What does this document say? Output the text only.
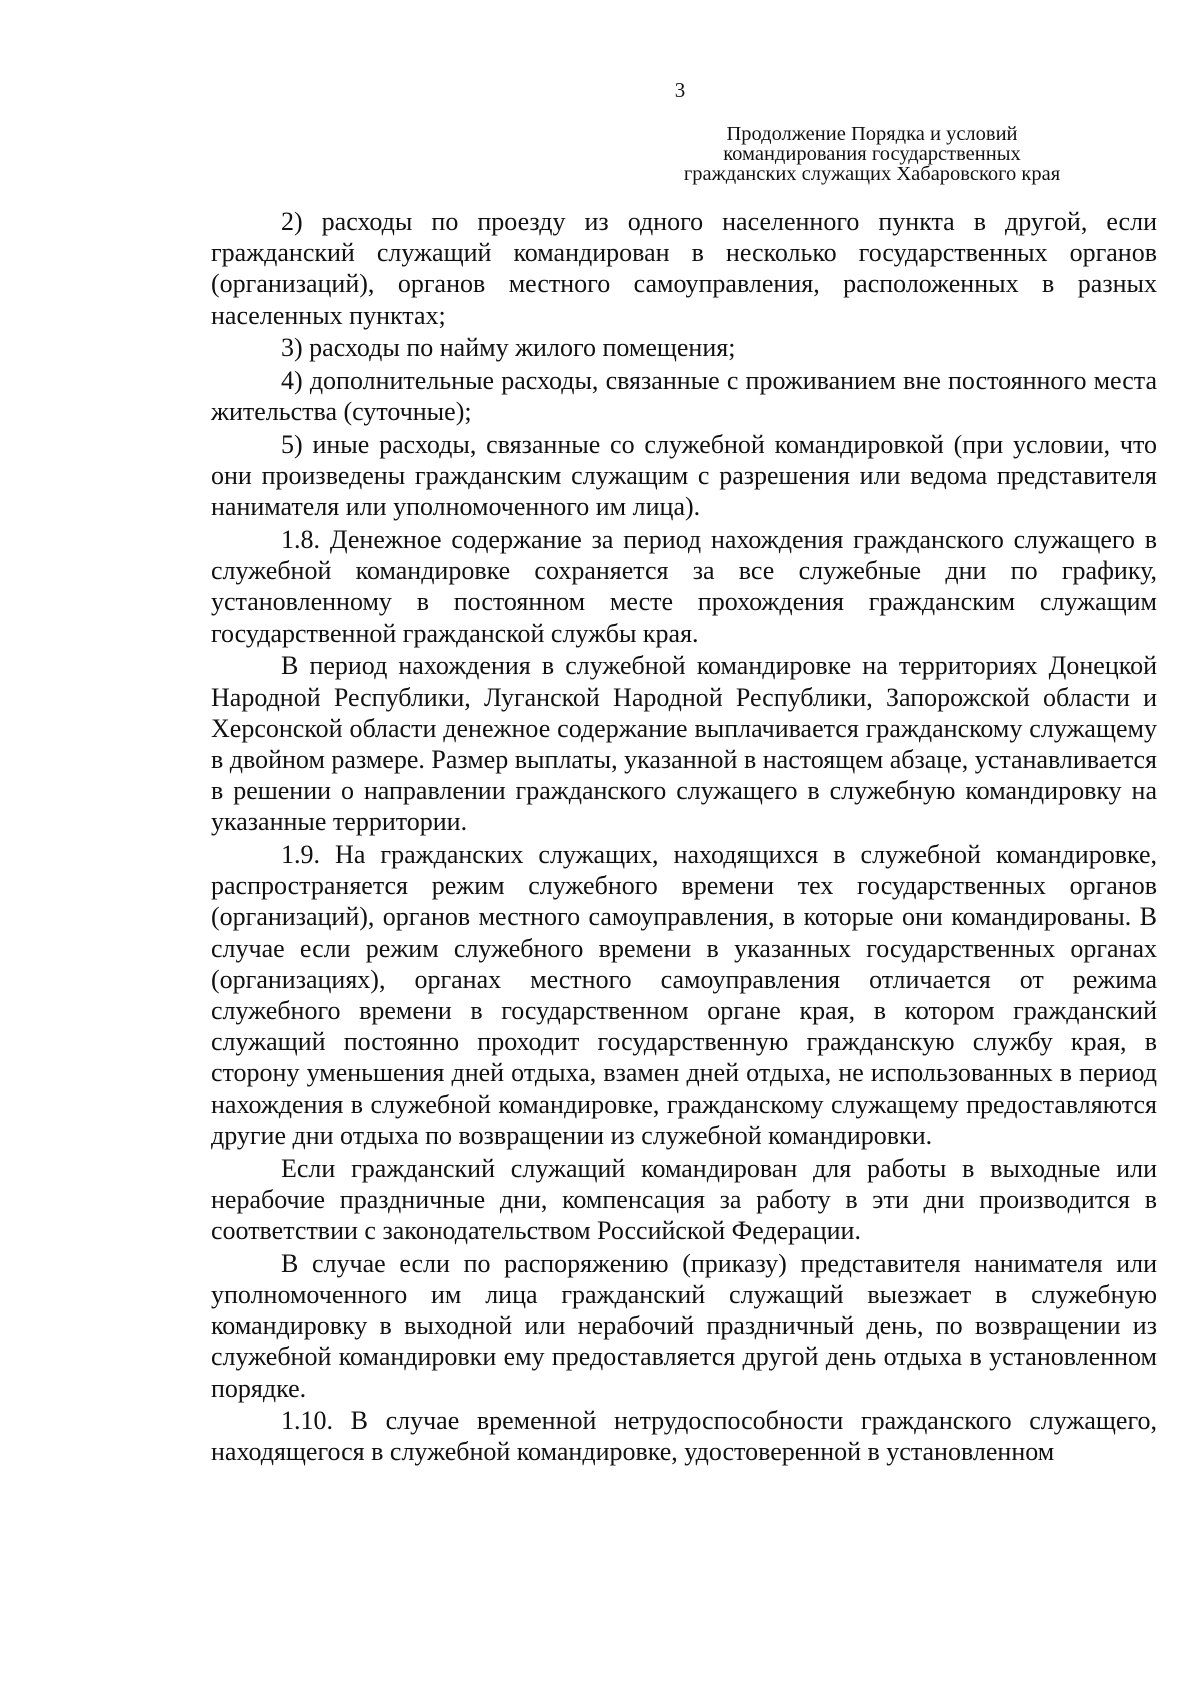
3
Продолжение Порядка и условий
командирования государственных
гражданских служащих Хабаровского края

2) расходы по проезду из одного населенного пункта в другой, если гражданский служащий командирован в несколько государственных органов (организаций), органов местного самоуправления, расположенных в разных населенных пунктах;

3) расходы по найму жилого помещения;

4) дополнительные расходы, связанные с проживанием вне постоянного места жительства (суточные);

5) иные расходы, связанные со служебной командировкой (при условии, что они произведены гражданским служащим с разрешения или ведома представителя нанимателя или уполномоченного им лица).

1.8. Денежное содержание за период нахождения гражданского служащего в служебной командировке сохраняется за все служебные дни по графику, установленному в постоянном месте прохождения гражданским служащим государственной гражданской службы края.

В период нахождения в служебной командировке на территориях Донецкой Народной Республики, Луганской Народной Республики, Запорожской области и Херсонской области денежное содержание выплачивается гражданскому служащему в двойном размере. Размер выплаты, указанной в настоящем абзаце, устанавливается в решении о направлении гражданского служащего в служебную командировку на указанные территории.

1.9. На гражданских служащих, находящихся в служебной командировке, распространяется режим служебного времени тех государственных органов (организаций), органов местного самоуправления, в которые они командированы. В случае если режим служебного времени в указанных государственных органах (организациях), органах местного самоуправления отличается от режима служебного времени в государственном органе края, в котором гражданский служащий постоянно проходит государственную гражданскую службу края, в сторону уменьшения дней отдыха, взамен дней отдыха, не использованных в период нахождения в служебной командировке, гражданскому служащему предоставляются другие дни отдыха по возвращении из служебной командировки.

Если гражданский служащий командирован для работы в выходные или нерабочие праздничные дни, компенсация за работу в эти дни производится в соответствии с законодательством Российской Федерации.

В случае если по распоряжению (приказу) представителя нанимателя или уполномоченного им лица гражданский служащий выезжает в служебную командировку в выходной или нерабочий праздничный день, по возвращении из служебной командировки ему предоставляется другой день отдыха в установленном порядке.

1.10. В случае временной нетрудоспособности гражданского служащего, находящегося в служебной командировке, удостоверенной в установленном
